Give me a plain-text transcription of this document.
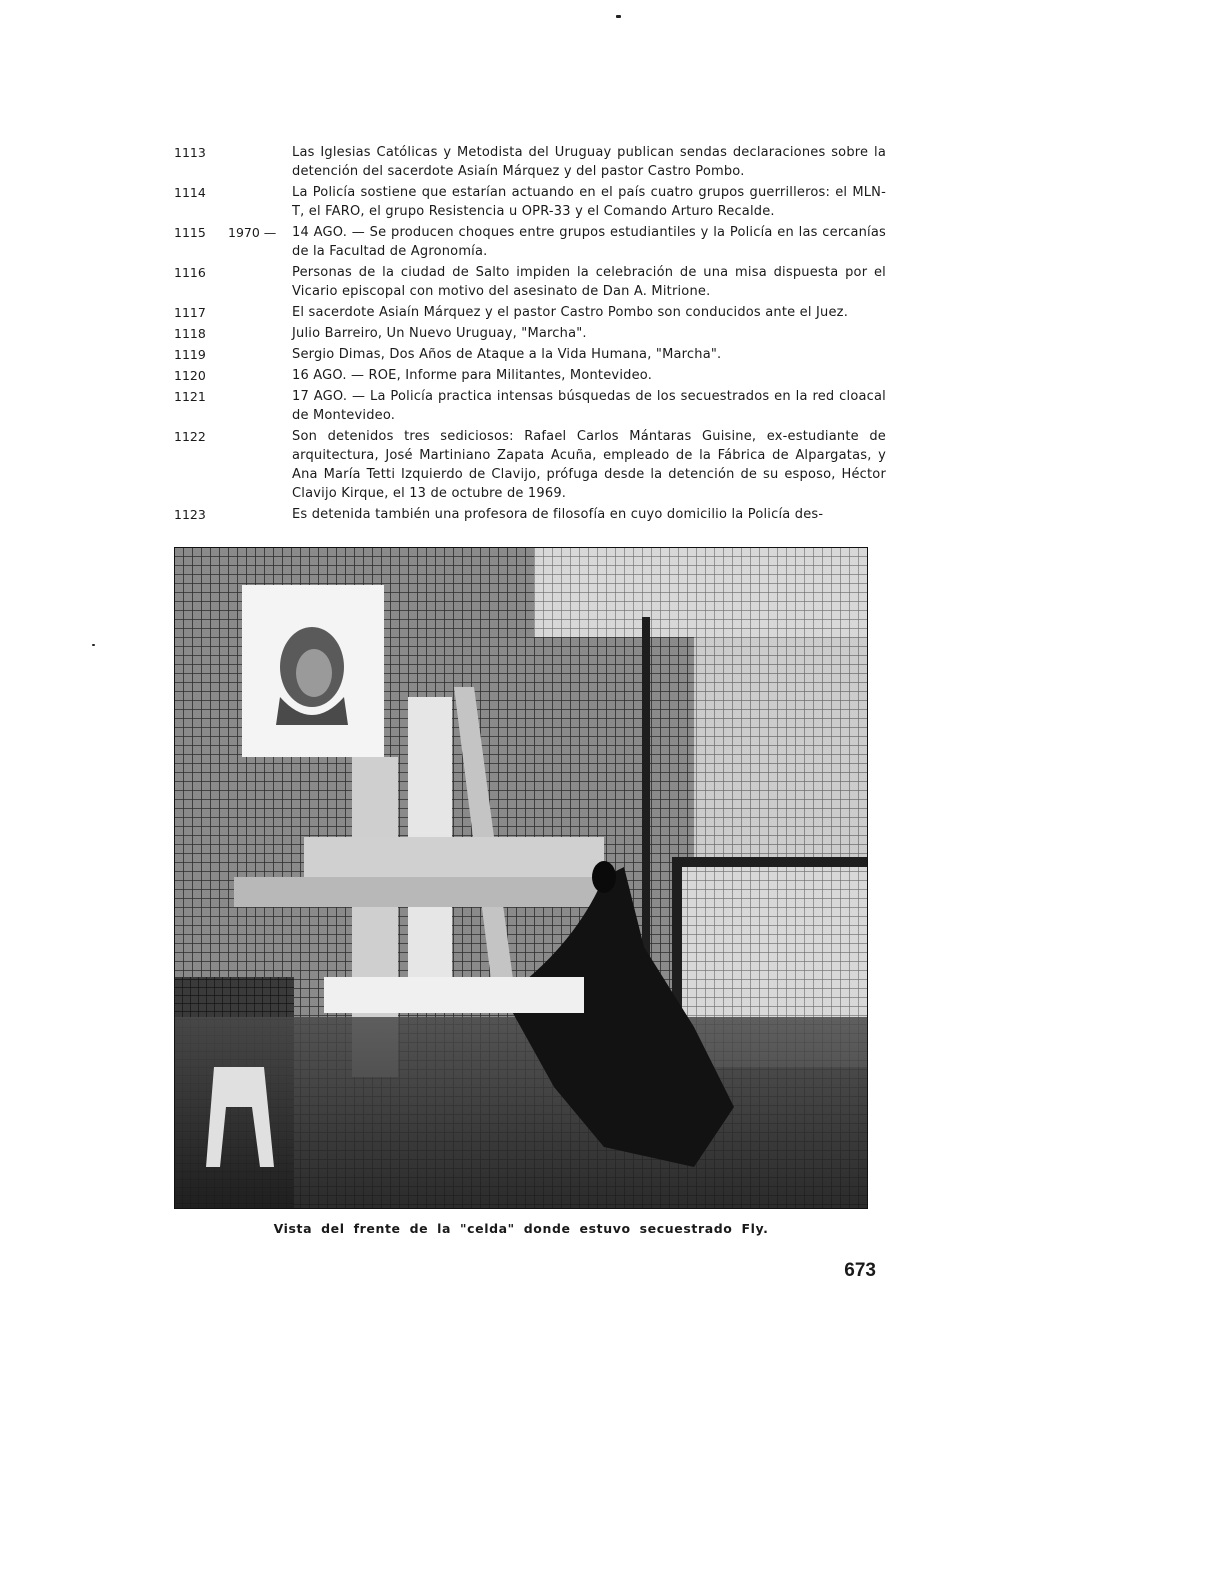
1113	Las Iglesias Católicas y Metodista del Uruguay publican sendas declaraciones sobre la detención del sacerdote Asiaín Márquez y del pastor Castro Pombo.
1114	La Policía sostiene que estarían actuando en el país cuatro grupos guerrilleros: el MLN-T, el FARO, el grupo Resistencia u OPR-33 y el Comando Arturo Recalde.
1115	1970 —	14 AGO. — Se producen choques entre grupos estudiantiles y la Policía en las cercanías de la Facultad de Agronomía.
1116	Personas de la ciudad de Salto impiden la celebración de una misa dispuesta por el Vicario episcopal con motivo del asesinato de Dan A. Mitrione.
1117	El sacerdote Asiaín Márquez y el pastor Castro Pombo son conducidos ante el Juez.
1118	Julio Barreiro, Un Nuevo Uruguay, "Marcha".
1119	Sergio Dimas, Dos Años de Ataque a la Vida Humana, "Marcha".
1120	16 AGO. — ROE, Informe para Militantes, Montevideo.
1121	17 AGO. — La Policía practica intensas búsquedas de los secuestrados en la red cloacal de Montevideo.
1122	Son detenidos tres sediciosos: Rafael Carlos Mántaras Guisine, ex-estudiante de arquitectura, José Martiniano Zapata Acuña, empleado de la Fábrica de Alpargatas, y Ana María Tetti Izquierdo de Clavijo, prófuga desde la detención de su esposo, Héctor Clavijo Kirque, el 13 de octubre de 1969.
1123	Es detenida también una profesora de filosofía en cuyo domicilio la Policía des-
Vista del frente de la "celda" donde estuvo secuestrado Fly.
673
